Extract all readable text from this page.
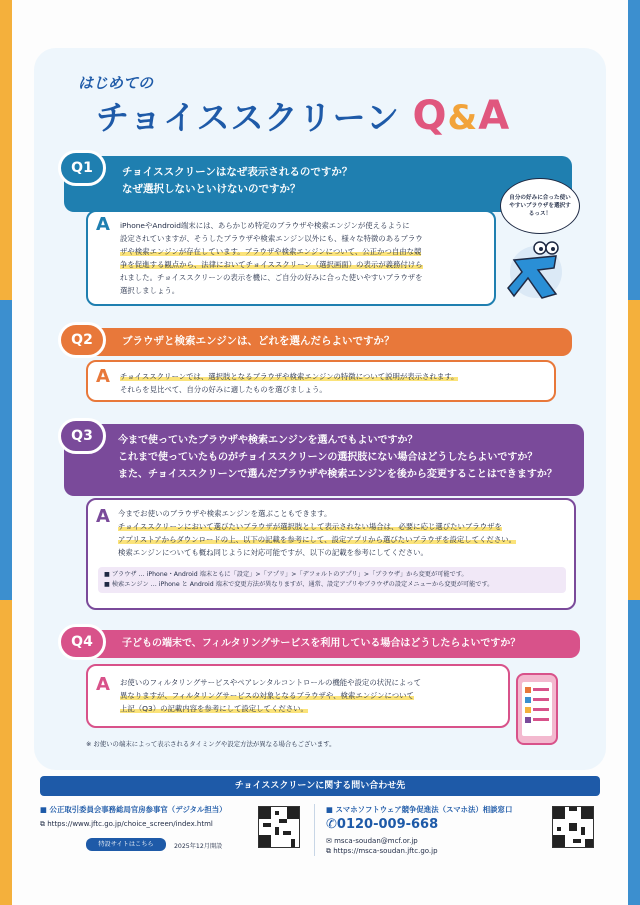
はじめての
チョイススクリーン Q&A
チョイススクリーンはなぜ表示されるのですか？
なぜ選択しないといけないのですか？
Q1
A iPhoneやAndroid端末には、あらかじめ特定のブラウザや検索エンジンが使えるように
設定されていますが、そうしたブラウザや検索エンジン以外にも、様々な特徴のあるブラウ
ザや検索エンジンが存在しています。ブラウザや検索エンジンについて、公正かつ自由な競
争を促進する観点から、法律においてチョイススクリーン（選択画面）の表示が義務付けら
れました。チョイススクリーンの表示を機に、ご自分の好みに合った使いやすいブラウザを
選択しましょう。
自分の好みに合った使いやすいブラウザを選択するっス！
ブラウザと検索エンジンは、どれを選んだらよいですか？
Q2
A チョイススクリーンでは、選択肢となるブラウザや検索エンジンの特徴について説明が表示されます。
それらを見比べて、自分の好みに適したものを選びましょう。
今まで使っていたブラウザや検索エンジンを選んでもよいですか？
これまで使っていたものがチョイススクリーンの選択肢にない場合はどうしたらよいですか？
また、チョイススクリーンで選んだブラウザや検索エンジンを後から変更することはできますか？
Q3
A 今までお使いのブラウザや検索エンジンを選ぶこともできます。
チョイススクリーンにおいて選びたいブラウザが選択肢として表示されない場合は、必要に応じ選びたいブラウザを
アプリストアからダウンロードの上、以下の記載を参考にして、設定アプリから選びたいブラウザを設定してください。
検索エンジンについても概ね同じように対応可能ですが、以下の記載を参考にしてください。
■ ブラウザ … iPhone・Android 端末ともに「設定」>「アプリ」>「デフォルトのアプリ」>「ブラウザ」から変更が可能です。
■ 検索エンジン … iPhone と Android 端末で変更方法が異なりますが、通常、設定アプリやブラウザの設定メニューから変更が可能です。
子どもの端末で、フィルタリングサービスを利用している場合はどうしたらよいですか？
Q4
A お使いのフィルタリングサービスやペアレンタルコントロールの機能や設定の状況によって
異なりますが、フィルタリングサービスの対象となるブラウザや、検索エンジンについて
上記（Q3）の記載内容を参考にして設定してください。
※ お使いの端末によって表示されるタイミングや設定方法が異なる場合もございます。
チョイススクリーンに関する問い合わせ先
■ 公正取引委員会事務総局官房参事官（デジタル担当）
⧉ https://www.jftc.go.jp/choice_screen/index.html
特設サイトはこちら	2025年12月開設
■ スマホソフトウェア競争促進法（スマホ法）相談窓口
✆0120-009-668
✉ msca-soudan@mcf.or.jp
⧉ https://msca-soudan.jftc.go.jp
